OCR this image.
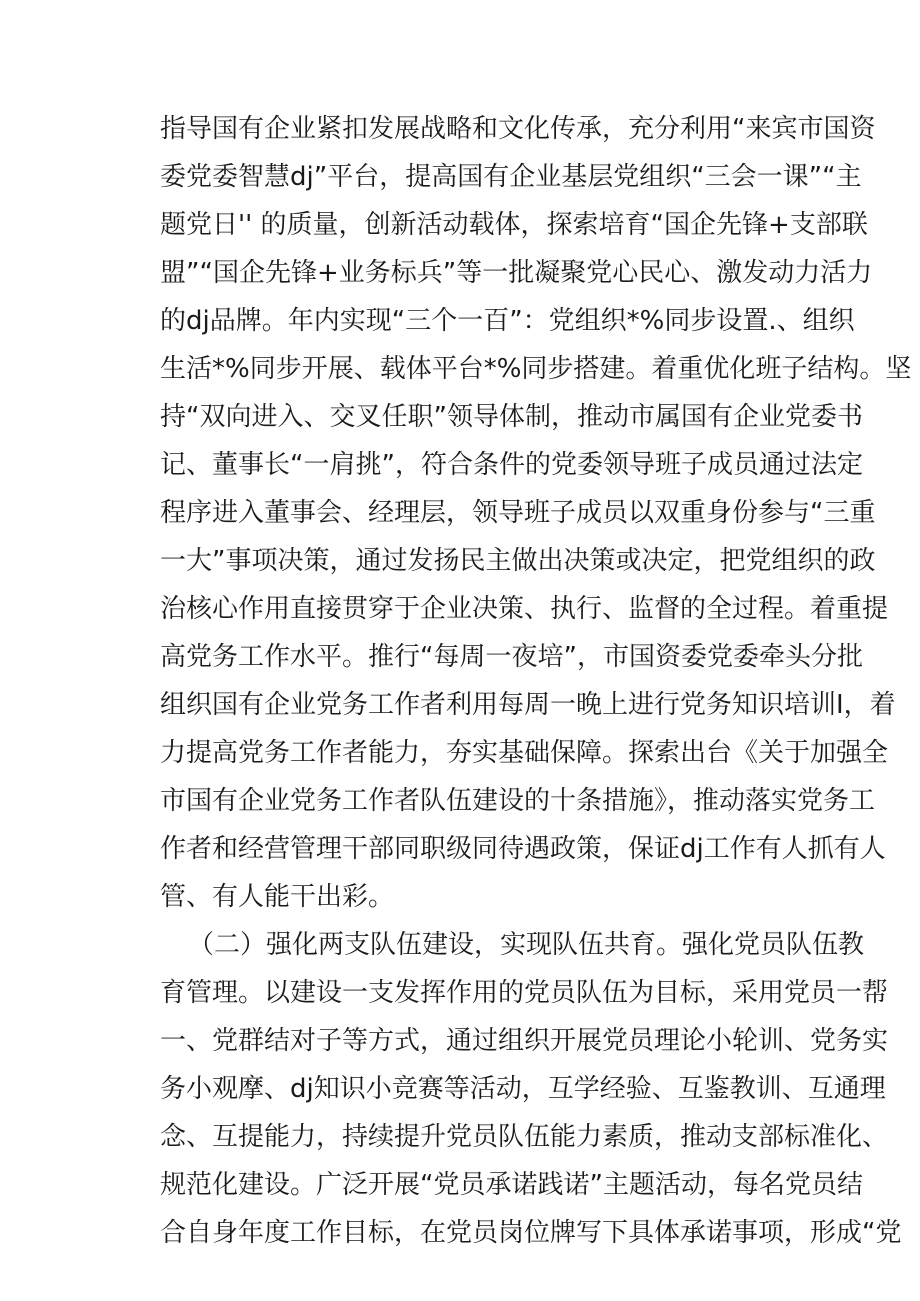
指导国有企业紧扣发展战略和文化传承，充分利用“来宾市国资
委党委智慧dj”平台，提高国有企业基层党组织“三会一课”“主
题党日'' 的质量，创新活动载体，探索培育“国企先锋+支部联
盟”“国企先锋+业务标兵”等一批凝聚党心民心、激发动力活力
的dj品牌。年内实现“三个一百”：党组织*%同步设置.、组织
生活*%同步开展、载体平台*%同步搭建。着重优化班子结构。坚
持“双向进入、交叉任职”领导体制，推动市属国有企业党委书
记、董事长“一肩挑”，符合条件的党委领导班子成员通过法定
程序进入董事会、经理层，领导班子成员以双重身份参与“三重
一大”事项决策，通过发扬民主做出决策或决定，把党组织的政
治核心作用直接贯穿于企业决策、执行、监督的全过程。着重提
高党务工作水平。推行“每周一夜培”，市国资委党委牵头分批
组织国有企业党务工作者利用每周一晚上进行党务知识培训I，着
力提高党务工作者能力，夯实基础保障。探索出台《关于加强全
市国有企业党务工作者队伍建设的十条措施》，推动落实党务工
作者和经营管理干部同职级同待遇政策，保证dj工作有人抓有人
管、有人能干出彩。
（二）强化两支队伍建设，实现队伍共育。强化党员队伍教
育管理。以建设一支发挥作用的党员队伍为目标，采用党员一帮
一、党群结对子等方式，通过组织开展党员理论小轮训、党务实
务小观摩、dj知识小竞赛等活动，互学经验、互鉴教训、互通理
念、互提能力，持续提升党员队伍能力素质，推动支部标准化、
规范化建设。广泛开展“党员承诺践诺”主题活动，每名党员结
合自身年度工作目标，在党员岗位牌写下具体承诺事项，形成“党
